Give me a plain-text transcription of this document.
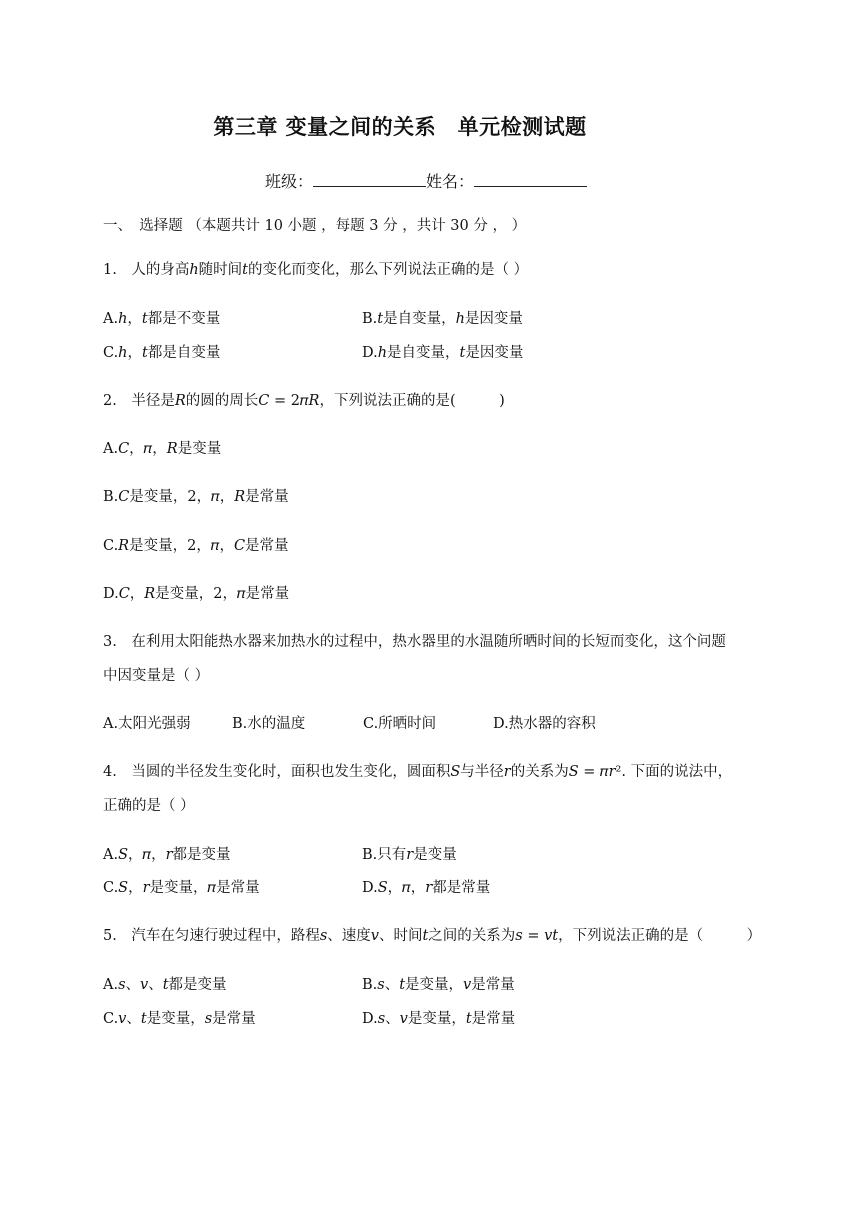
第三章 变量之间的关系　单元检测试题
班级：	姓名：
一、　选择题 （本题共计 10 小题 ，每题 3 分 ，共计 30 分 ， ）
1.　人的身高ℎ随时间𝑡的变化而变化，那么下列说法正确的是（ ）
A.ℎ，𝑡都是不变量	B.𝑡是自变量，ℎ是因变量
C.ℎ，𝑡都是自变量	D.ℎ是自变量，𝑡是因变量
2.　半径是𝑅的圆的周长𝐶 = 2𝜋𝑅，下列说法正确的是(　　　)
A.𝐶，𝜋，𝑅是变量
B.𝐶是变量，2，𝜋，𝑅是常量
C.𝑅是变量，2，𝜋，𝐶是常量
D.𝐶，𝑅是变量，2，𝜋是常量
3.　在利用太阳能热水器来加热水的过程中，热水器里的水温随所晒时间的长短而变化，这个问题
中因变量是（ ）
A.太阳光强弱	B.水的温度	C.所晒时间	D.热水器的容积
4.　当圆的半径发生变化时，面积也发生变化，圆面积𝑆与半径𝑟的关系为𝑆 = 𝜋𝑟². 下面的说法中，
正确的是（ ）
A.𝑆，𝜋，𝑟都是变量	B.只有𝑟是变量
C.𝑆，𝑟是变量，𝜋是常量	D.𝑆，𝜋，𝑟都是常量
5.　汽车在匀速行驶过程中，路程𝑠、速度𝑣、时间𝑡之间的关系为𝑠 = 𝑣𝑡，下列说法正确的是（　　　）
A.𝑠、𝑣、𝑡都是变量	B.𝑠、𝑡是变量，𝑣是常量
C.𝑣、𝑡是变量，𝑠是常量	D.𝑠、𝑣是变量，𝑡是常量
